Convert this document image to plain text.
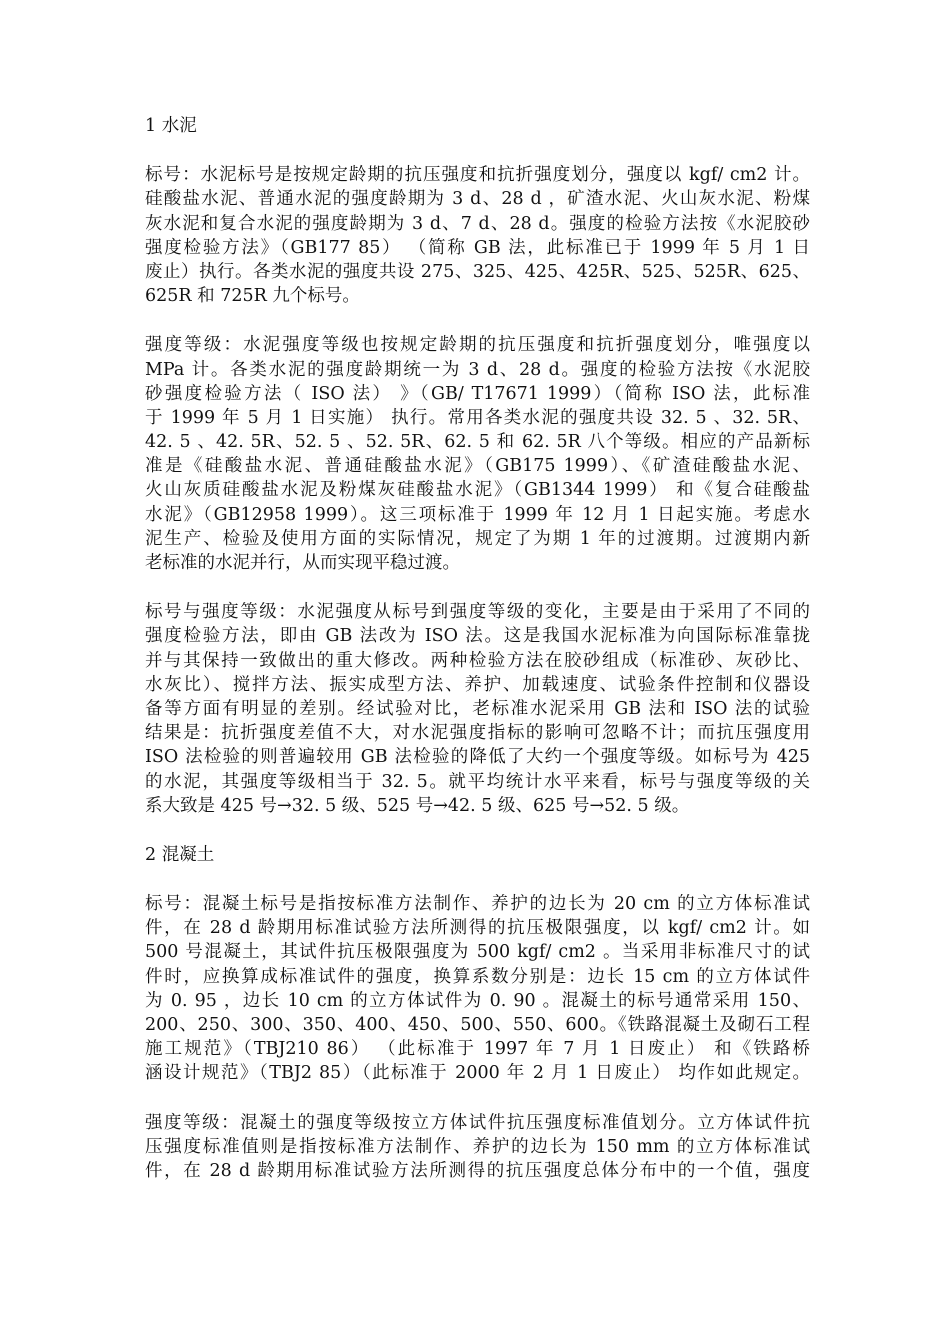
1 水泥
标号：水泥标号是按规定龄期的抗压强度和抗折强度划分，强度以 kgf/ cm2 计。
硅酸盐水泥、普通水泥的强度龄期为 3 d、28 d ，矿渣水泥、火山灰水泥、粉煤
灰水泥和复合水泥的强度龄期为 3 d、7 d、28 d。强度的检验方法按《水泥胶砂
强度检验方法》（GB177 85） （简称 GB 法，此标准已于 1999 年 5 月 1 日
废止）执行。各类水泥的强度共设 275、325、425、425R、525、525R、625、
625R 和 725R 九个标号。
强度等级：水泥强度等级也按规定龄期的抗压强度和抗折强度划分，唯强度以
MPa 计。各类水泥的强度龄期统一为 3 d、28 d。强度的检验方法按《水泥胶
砂强度检验方法（ ISO 法） 》（GB/ T17671 1999）（简称 ISO 法，此标准
于 1999 年 5 月 1 日实施） 执行。常用各类水泥的强度共设 32. 5 、32. 5R、
42. 5 、42. 5R、52. 5 、52. 5R、62. 5 和 62. 5R 八个等级。相应的产品新标
准是《硅酸盐水泥、普通硅酸盐水泥》（GB175 1999）、《矿渣硅酸盐水泥、
火山灰质硅酸盐水泥及粉煤灰硅酸盐水泥》（GB1344 1999） 和《复合硅酸盐
水泥》（GB12958 1999）。这三项标准于 1999 年 12 月 1 日起实施。考虑水
泥生产、检验及使用方面的实际情况，规定了为期 1 年的过渡期。过渡期内新
老标准的水泥并行，从而实现平稳过渡。
标号与强度等级：水泥强度从标号到强度等级的变化，主要是由于采用了不同的
强度检验方法，即由 GB 法改为 ISO 法。这是我国水泥标准为向国际标准靠拢
并与其保持一致做出的重大修改。两种检验方法在胶砂组成（标准砂、灰砂比、
水灰比）、搅拌方法、振实成型方法、养护、加载速度、试验条件控制和仪器设
备等方面有明显的差别。经试验对比，老标准水泥采用 GB 法和 ISO 法的试验
结果是：抗折强度差值不大，对水泥强度指标的影响可忽略不计；而抗压强度用
ISO 法检验的则普遍较用 GB 法检验的降低了大约一个强度等级。如标号为 425
的水泥，其强度等级相当于 32. 5。就平均统计水平来看，标号与强度等级的关
系大致是 425 号→32. 5 级、525 号→42. 5 级、625 号→52. 5 级。
2 混凝土
标号：混凝土标号是指按标准方法制作、养护的边长为 20 cm 的立方体标准试
件，在 28 d 龄期用标准试验方法所测得的抗压极限强度，以 kgf/ cm2 计。如
500 号混凝土，其试件抗压极限强度为 500 kgf/ cm2 。当采用非标准尺寸的试
件时，应换算成标准试件的强度，换算系数分别是：边长 15 cm 的立方体试件
为 0. 95 ，边长 10 cm 的立方体试件为 0. 90 。混凝土的标号通常采用 150、
200、250、300、350、400、450、500、550、600。《铁路混凝土及砌石工程
施工规范》（TBJ210 86） （此标准于 1997 年 7 月 1 日废止） 和《铁路桥
涵设计规范》（TBJ2 85）（此标准于 2000 年 2 月 1 日废止） 均作如此规定。
强度等级：混凝土的强度等级按立方体试件抗压强度标准值划分。立方体试件抗
压强度标准值则是指按标准方法制作、养护的边长为 150 mm 的立方体标准试
件，在 28 d 龄期用标准试验方法所测得的抗压强度总体分布中的一个值，强度
